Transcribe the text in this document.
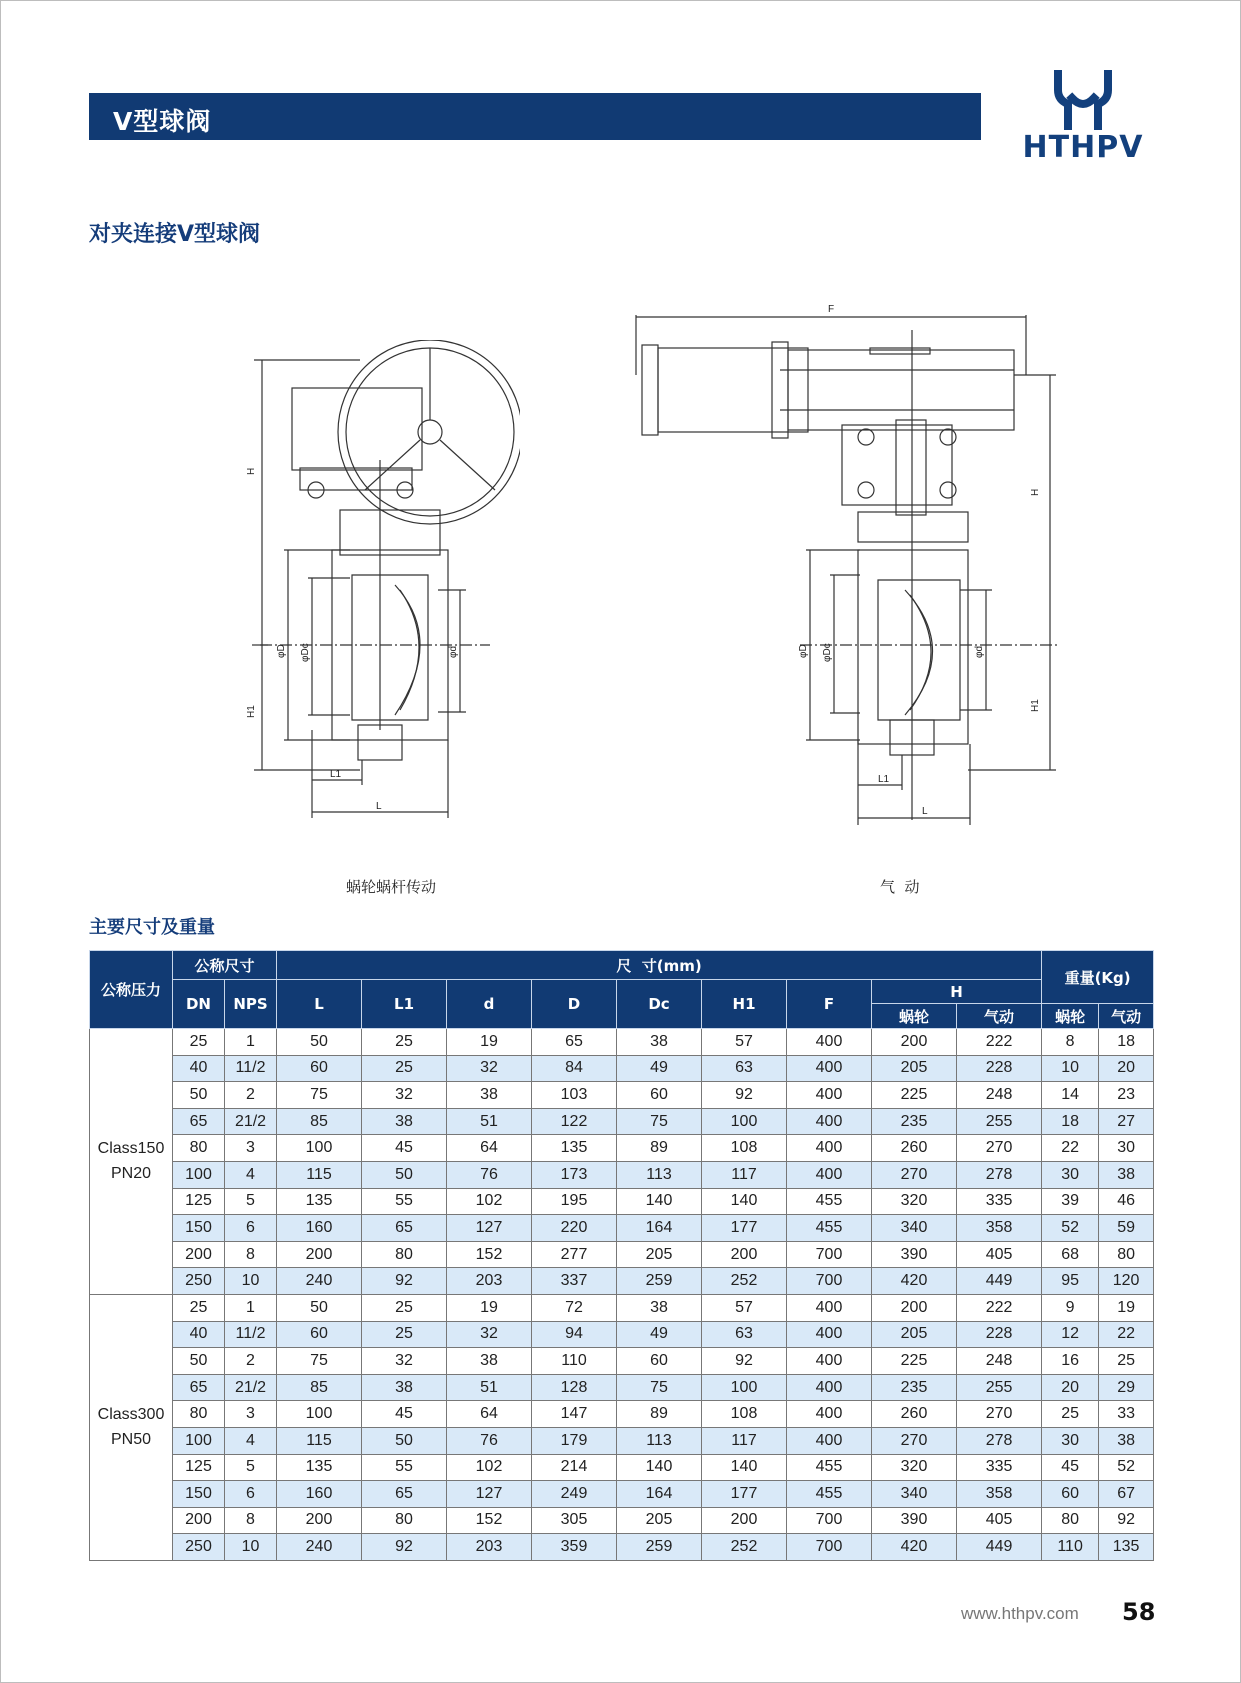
V型球阀
HTHPV
对夹连接V型球阀
H
H1
φD φDc	φd
L1
L
F
H
H1
φD φDc	φd
L1
L
蜗轮蜗杆传动	气  动
主要尺寸及重量
公称压力	公称尺寸		尺  寸(mm)									重量(Kg)	
	DN	NPS	L	L1	d	D	Dc	H1	F	H			
										蜗轮	气动	蜗轮	气动

Class150
PN20	25	1	50	25	19	65	38	57	400	200	222	8	18
	40	11/2	60	25	32	84	49	63	400	205	228	10	20
	50	2	75	32	38	103	60	92	400	225	248	14	23
	65	21/2	85	38	51	122	75	100	400	235	255	18	27
	80	3	100	45	64	135	89	108	400	260	270	22	30
	100	4	115	50	76	173	113	117	400	270	278	30	38
	125	5	135	55	102	195	140	140	455	320	335	39	46
	150	6	160	65	127	220	164	177	455	340	358	52	59
	200	8	200	80	152	277	205	200	700	390	405	68	80
	250	10	240	92	203	337	259	252	700	420	449	95	120

Class300
PN50	25	1	50	25	19	72	38	57	400	200	222	9	19
	40	11/2	60	25	32	94	49	63	400	205	228	12	22
	50	2	75	32	38	110	60	92	400	225	248	16	25
	65	21/2	85	38	51	128	75	100	400	235	255	20	29
	80	3	100	45	64	147	89	108	400	260	270	25	33
	100	4	115	50	76	179	113	117	400	270	278	30	38
	125	5	135	55	102	214	140	140	455	320	335	45	52
	150	6	160	65	127	249	164	177	455	340	358	60	67
	200	8	200	80	152	305	205	200	700	390	405	80	92
	250	10	240	92	203	359	259	252	700	420	449	110	135
www.hthpv.com 58
